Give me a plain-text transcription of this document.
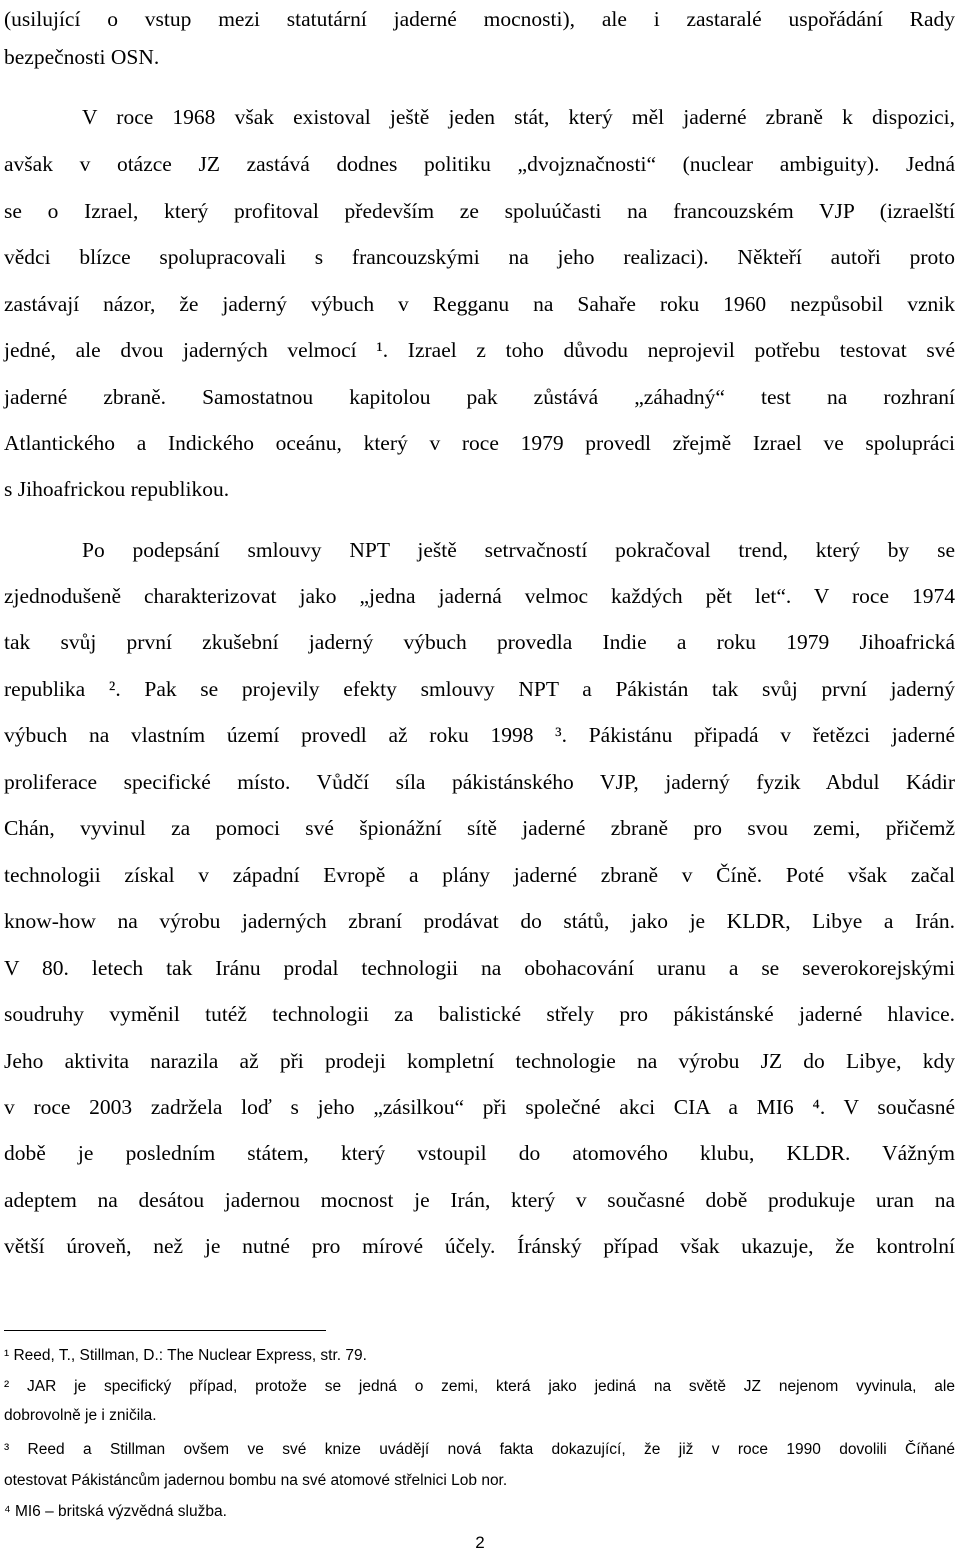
(usilující o vstup mezi statutární jaderné mocnosti), ale i zastaralé uspořádání Rady
bezpečnosti OSN.
V roce 1968 však existoval ještě jeden stát, který měl jaderné zbraně k dispozici,
avšak v otázce JZ zastává dodnes politiku „dvojznačnosti“ (nuclear ambiguity). Jedná
se o Izrael, který profitoval především ze spoluúčasti na francouzském VJP (izraelští
vědci blízce spolupracovali s francouzskými na jeho realizaci). Někteří autoři proto
zastávají názor, že jaderný výbuch v Regganu na Sahaře roku 1960 nezpůsobil vznik
jedné, ale dvou jaderných velmocí ¹. Izrael z toho důvodu neprojevil potřebu testovat své
jaderné zbraně. Samostatnou kapitolou pak zůstává „záhadný“ test na rozhraní
Atlantického a Indického oceánu, který v roce 1979 provedl zřejmě Izrael ve spolupráci
s Jihoafrickou republikou.
Po podepsání smlouvy NPT ještě setrvačností pokračoval trend, který by se
zjednodušeně charakterizovat jako „jedna jaderná velmoc každých pět let“. V roce 1974
tak svůj první zkušební jaderný výbuch provedla Indie a roku 1979 Jihoafrická
republika ². Pak se projevily efekty smlouvy NPT a Pákistán tak svůj první jaderný
výbuch na vlastním území provedl až roku 1998 ³. Pákistánu připadá v řetězci jaderné
proliferace specifické místo. Vůdčí síla pákistánského VJP, jaderný fyzik Abdul Kádir
Chán, vyvinul za pomoci své špionážní sítě jaderné zbraně pro svou zemi, přičemž
technologii získal v západní Evropě a plány jaderné zbraně v Číně. Poté však začal
know-how na výrobu jaderných zbraní prodávat do států, jako je KLDR, Libye a Irán.
V 80. letech tak Iránu prodal technologii na obohacování uranu a se severokorejskými
soudruhy vyměnil tutéž technologii za balistické střely pro pákistánské jaderné hlavice.
Jeho aktivita narazila až při prodeji kompletní technologie na výrobu JZ do Libye, kdy
v roce 2003 zadržela loď s jeho „zásilkou“ při společné akci CIA a MI6 ⁴. V současné
době je posledním státem, který vstoupil do atomového klubu, KLDR. Vážným
adeptem na desátou jadernou mocnost je Irán, který v současné době produkuje uran na
větší úroveň, než je nutné pro mírové účely. Íránský případ však ukazuje, že kontrolní
¹ Reed, T., Stillman, D.: The Nuclear Express, str. 79.
² JAR je specifický případ, protože se jedná o zemi, která jako jediná na světě JZ nejenom vyvinula, ale
dobrovolně je i zničila.
³ Reed a Stillman ovšem ve své knize uvádějí nová fakta dokazující, že již v roce 1990 dovolili Číňané
otestovat Pákistáncům jadernou bombu na své atomové střelnici Lob nor.
⁴ MI6 – britská výzvědná služba.
2
